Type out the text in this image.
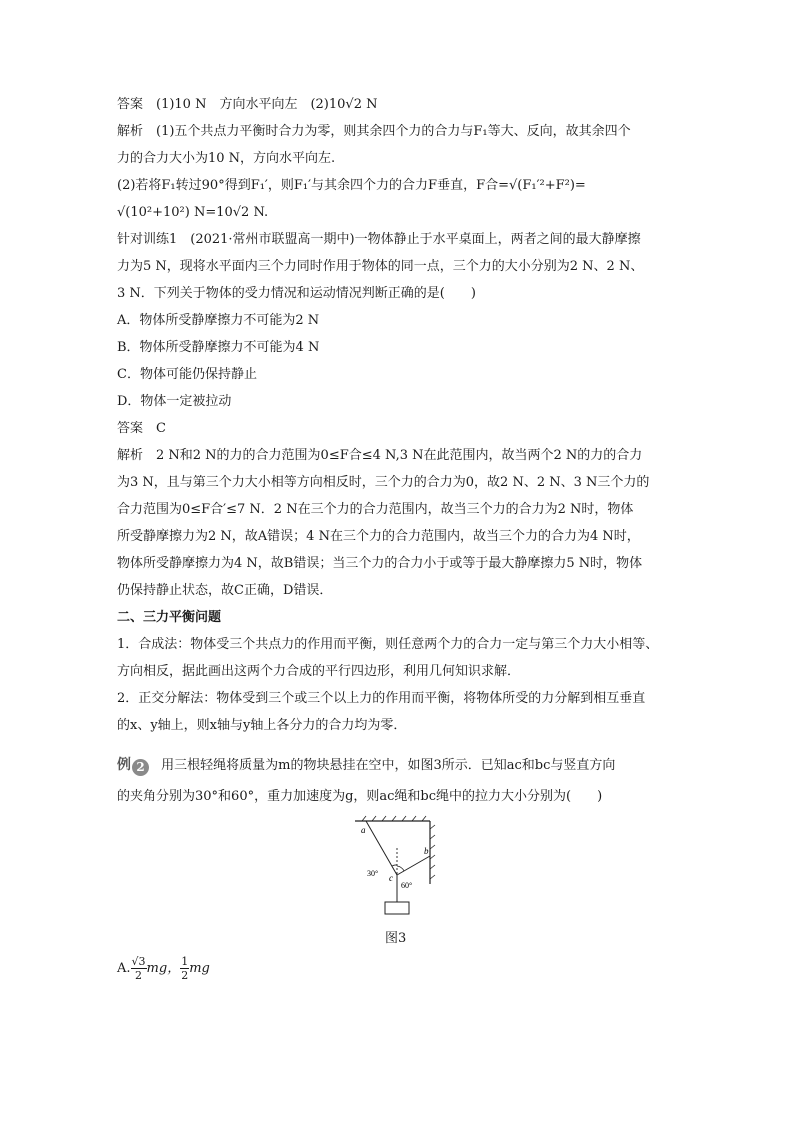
答案　(1)10 N　方向水平向左　(2)10√2 N
解析　(1)五个共点力平衡时合力为零，则其余四个力的合力与F₁等大、反向，故其余四个
力的合力大小为10 N，方向水平向左.
(2)若将F₁转过90°得到F₁′，则F₁′与其余四个力的合力F垂直，F合=√(F₁′²+F²)=
√(10²+10²) N=10√2 N.
针对训练1　(2021·常州市联盟高一期中)一物体静止于水平桌面上，两者之间的最大静摩擦
力为5 N，现将水平面内三个力同时作用于物体的同一点，三个力的大小分别为2 N、2 N、
3 N．下列关于物体的受力情况和运动情况判断正确的是(　　)
A．物体所受静摩擦力不可能为2 N
B．物体所受静摩擦力不可能为4 N
C．物体可能仍保持静止
D．物体一定被拉动
答案　C
解析　2 N和2 N的力的合力范围为0≤F合≤4 N,3 N在此范围内，故当两个2 N的力的合力
为3 N，且与第三个力大小相等方向相反时，三个力的合力为0，故2 N、2 N、3 N三个力的
合力范围为0≤F合′≤7 N．2 N在三个力的合力范围内，故当三个力的合力为2 N时，物体
所受静摩擦力为2 N，故A错误；4 N在三个力的合力范围内，故当三个力的合力为4 N时，
物体所受静摩擦力为4 N，故B错误；当三个力的合力小于或等于最大静摩擦力5 N时，物体
仍保持静止状态，故C正确，D错误．
二、三力平衡问题
1．合成法：物体受三个共点力的作用而平衡，则任意两个力的合力一定与第三个力大小相等、
方向相反，据此画出这两个力合成的平行四边形，利用几何知识求解．
2．正交分解法：物体受到三个或三个以上力的作用而平衡，将物体所受的力分解到相互垂直
的x、y轴上，则x轴与y轴上各分力的合力均为零．
例 2 用三根轻绳将质量为m的物块悬挂在空中，如图3所示．已知ac和bc与竖直方向
的夹角分别为30°和60°，重力加速度为g，则ac绳和bc绳中的拉力大小分别为(　　)
a
b
c
30°
60°
图3
A. $\frac{√3}{2}$ mg， $\frac{1}{2}$ mg
